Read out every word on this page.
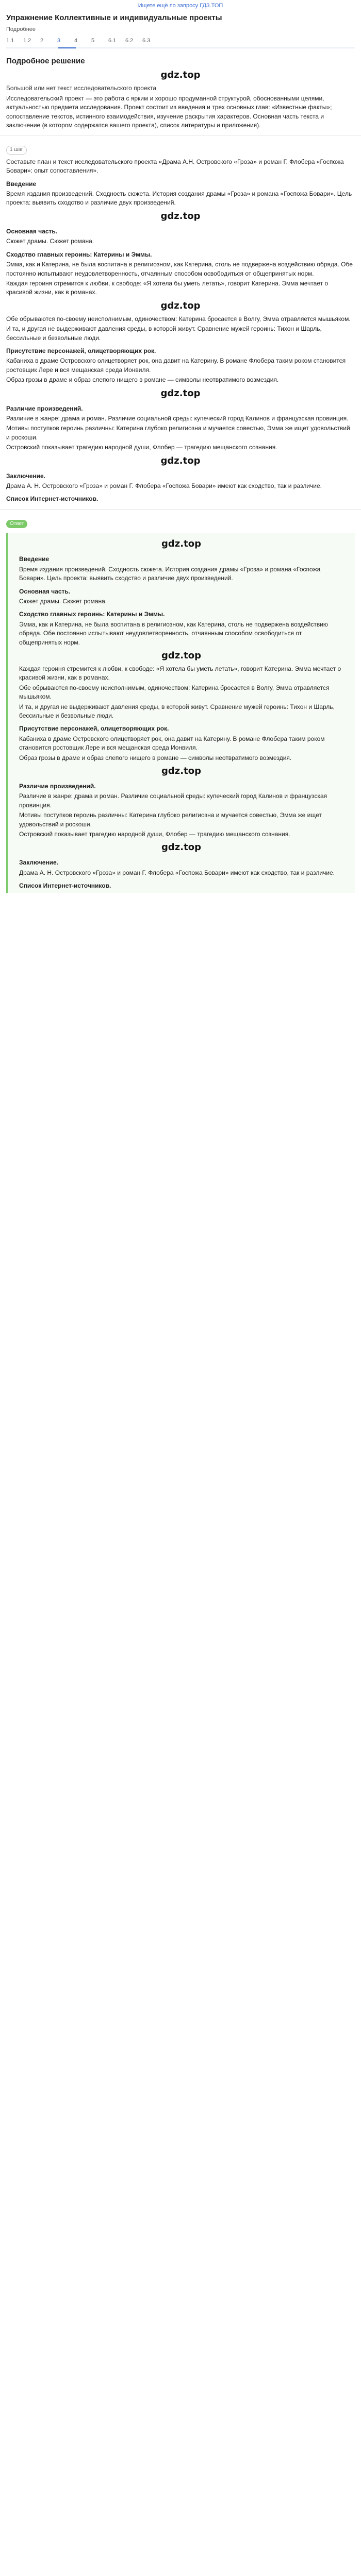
Ищете ещё по запросу ГДЗ.ТОП
Упражнение Коллективные и индивидуальные проекты
Подробнее
1.1	1.2	2	3	4	5	6.1	6.2	6.3
Подробное решение
gdz.top
Большой или нет текст исследовательского проекта
Исследовательский проект — это работа с ярким и хорошо продуманной структурой, обоснованными целями, актуальностью предмета исследования. Проект состоит из введения и трех основных глав: «Известные факты»; сопоставление текстов, истинного взаимодействия, изучение раскрытия характеров. Основная часть текста и заключение (в котором содержатся вашего проекта), список литературы и приложения).
1 шаг
Составьте план и текст исследовательского проекта «Драма А.Н. Островского «Гроза» и роман Г. Флобера «Госпожа Бовари»: опыт сопоставления».
Введение
Время издания произведений. Сходность сюжета. История создания драмы «Гроза» и романа «Госпожа Бовари». Цель проекта: выявить сходство и различие двух произведений.
gdz.top
Основная часть.
Сюжет драмы. Сюжет романа.
Сходство главных героинь: Катерины и Эммы.
Эмма, как и Катерина, не была воспитана в религиозном, как Катерина, столь не подвержена воздействию обряда. Обе постоянно испытывают неудовлетворенность, отчаянным способом освободиться от общепринятых норм.
Каждая героиня стремится к любви, к свободе: «Я хотела бы уметь летать», говорит Катерина. Эмма мечтает о красивой жизни, как в романах.
gdz.top
Обе обрываются по-своему неисполнимым, одиночеством: Катерина бросается в Волгу, Эмма отравляется мышьяком.
И та, и другая не выдерживают давления среды, в которой живут. Сравнение мужей героинь: Тихон и Шарль, бессильные и безвольные люди.
Присутствие персонажей, олицетворяющих рок.
Кабаниха в драме Островского олицетворяет рок, она давит на Катерину. В романе Флобера таким роком становится ростовщик Лере и вся мещанская среда Ионвиля.
Образ грозы в драме и образ слепого нищего в романе — символы неотвратимого возмездия.
gdz.top
Различие произведений.
Различие в жанре: драма и роман. Различие социальной среды: купеческий город Калинов и французская провинция.
Мотивы поступков героинь различны: Катерина глубоко религиозна и мучается совестью, Эмма же ищет удовольствий и роскоши.
Островский показывает трагедию народной души, Флобер — трагедию мещанского сознания.
gdz.top
Заключение.
Драма А. Н. Островского «Гроза» и роман Г. Флобера «Госпожа Бовари» имеют как сходство, так и различие.
Список Интернет-источников.
Ответ
gdz.top
Введение
Время издания произведений. Сходность сюжета. История создания драмы «Гроза» и романа «Госпожа Бовари». Цель проекта: выявить сходство и различие двух произведений.
Основная часть.
Сюжет драмы. Сюжет романа.
Сходство главных героинь: Катерины и Эммы.
Эмма, как и Катерина, не была воспитана в религиозном, как Катерина, столь не подвержена воздействию обряда. Обе постоянно испытывают неудовлетворенность, отчаянным способом освободиться от общепринятых норм.
gdz.top
Каждая героиня стремится к любви, к свободе: «Я хотела бы уметь летать», говорит Катерина. Эмма мечтает о красивой жизни, как в романах.
Обе обрываются по-своему неисполнимым, одиночеством: Катерина бросается в Волгу, Эмма отравляется мышьяком.
И та, и другая не выдерживают давления среды, в которой живут. Сравнение мужей героинь: Тихон и Шарль, бессильные и безвольные люди.
Присутствие персонажей, олицетворяющих рок.
Кабаниха в драме Островского олицетворяет рок, она давит на Катерину. В романе Флобера таким роком становится ростовщик Лере и вся мещанская среда Ионвиля.
Образ грозы в драме и образ слепого нищего в романе — символы неотвратимого возмездия.
gdz.top
Различие произведений.
Различие в жанре: драма и роман. Различие социальной среды: купеческий город Калинов и французская провинция.
Мотивы поступков героинь различны: Катерина глубоко религиозна и мучается совестью, Эмма же ищет удовольствий и роскоши.
Островский показывает трагедию народной души, Флобер — трагедию мещанского сознания.
gdz.top
Заключение.
Драма А. Н. Островского «Гроза» и роман Г. Флобера «Госпожа Бовари» имеют как сходство, так и различие.
Список Интернет-источников.
